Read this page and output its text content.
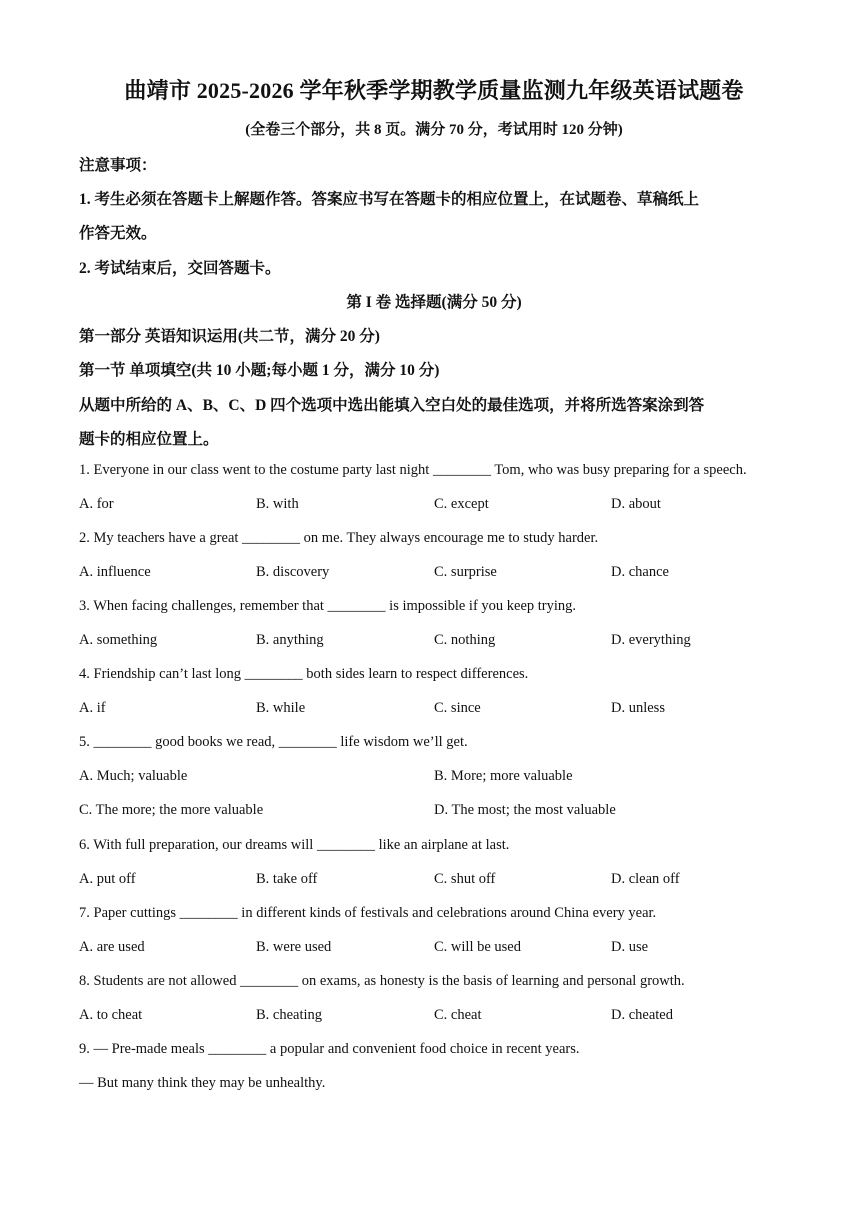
曲靖市 2025-2026 学年秋季学期教学质量监测九年级英语试题卷
(全卷三个部分，共 8 页。满分 70 分，考试用时 120 分钟)
注意事项：
1. 考生必须在答题卡上解题作答。答案应书写在答题卡的相应位置上，在试题卷、草稿纸上
作答无效。
2. 考试结束后，交回答题卡。
第 I 卷 选择题(满分 50 分)
第一部分 英语知识运用(共二节，满分 20 分)
第一节 单项填空(共 10 小题;每小题 1 分，满分 10 分)
从题中所给的 A、B、C、D 四个选项中选出能填入空白处的最佳选项，并将所选答案涂到答
题卡的相应位置上。
1. Everyone in our class went to the costume party last night ________ Tom, who was busy preparing for a speech.
A. for	B. with	C. except	D. about
2. My teachers have a great ________ on me. They always encourage me to study harder.
A. influence	B. discovery	C. surprise	D. chance
3. When facing challenges, remember that ________ is impossible if you keep trying.
A. something	B. anything	C. nothing	D. everything
4. Friendship can’t last long ________ both sides learn to respect differences.
A. if	B. while	C. since	D. unless
5. ________ good books we read, ________ life wisdom we’ll get.
A. Much; valuable	B. More; more valuable
C. The more; the more valuable	D. The most; the most valuable
6. With full preparation, our dreams will ________ like an airplane at last.
A. put off	B. take off	C. shut off	D. clean off
7. Paper cuttings ________ in different kinds of festivals and celebrations around China every year.
A. are used	B. were used	C. will be used	D. use
8. Students are not allowed ________ on exams, as honesty is the basis of learning and personal growth.
A. to cheat	B. cheating	C. cheat	D. cheated
9. — Pre-made meals ________ a popular and convenient food choice in recent years.
— But many think they may be unhealthy.
